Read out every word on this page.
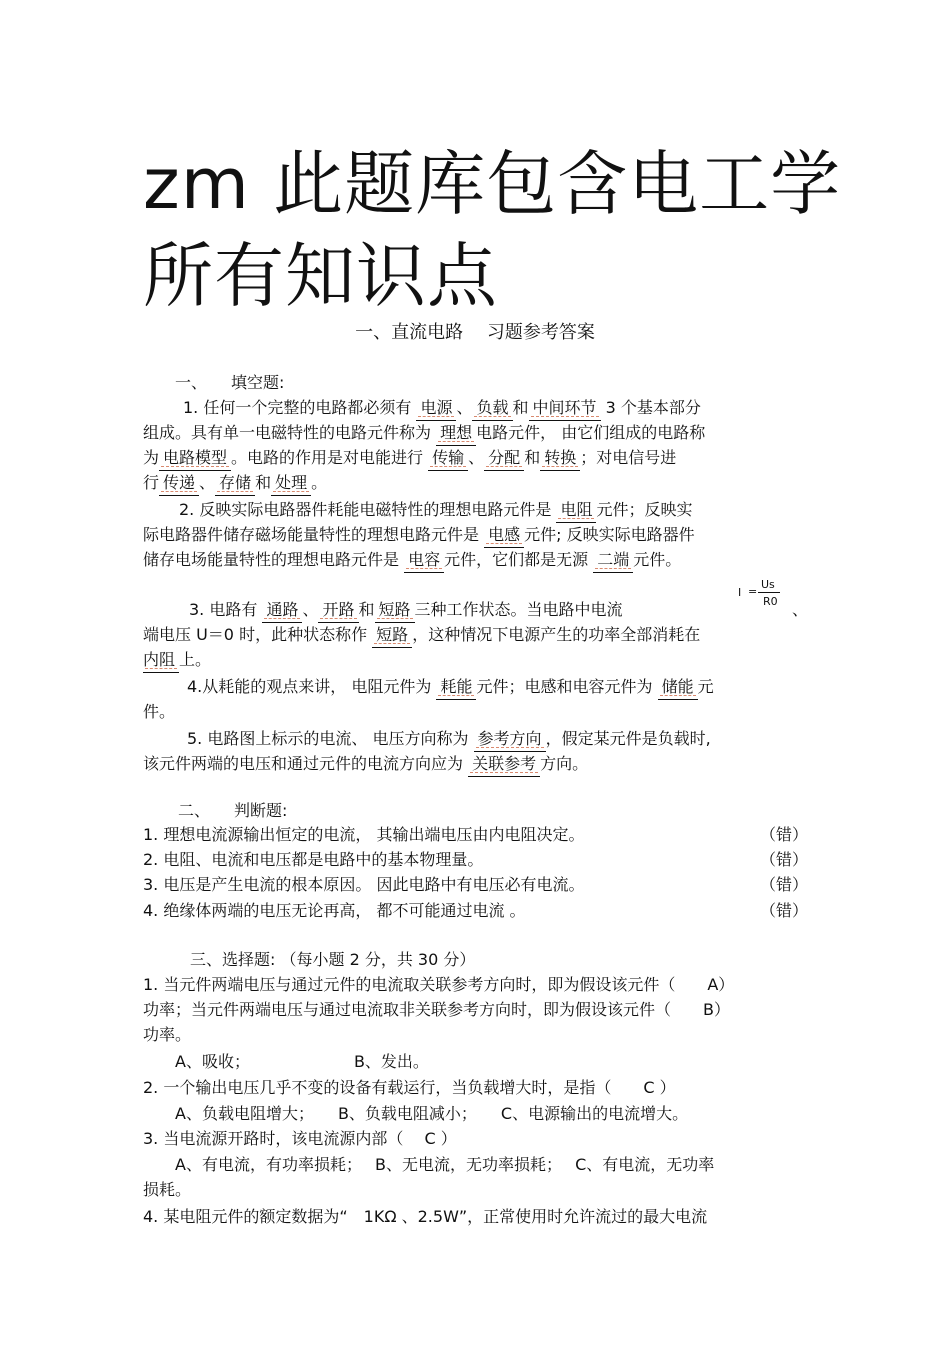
zm 此题库包含电工学所有知识点
一、直流电路　 习题参考答案
一、　　填空题:
1. 任何一个完整的电路都必须有 电源 、 负载 和 中间环节 3 个基本部分
组成。具有单一电磁特性的电路元件称为 理想 电路元件， 由它们组成的电路称
为 电路模型 。电路的作用是对电能进行 传输 、 分配 和 转换 ；对电信号进
行 传递 、 存储 和 处理 。
2. 反映实际电路器件耗能电磁特性的理想电路元件是 电阻 元件；反映实
际电路器件储存磁场能量特性的理想电路元件是 电感 元件; 反映实际电路器件
储存电场能量特性的理想电路元件是 电容 元件，它们都是无源 二端 元件。
I =
Us
R0
3. 电路有 通路 、 开路 和 短路 三种工作状态。当电路中电流	、
端电压 U＝0 时，此种状态称作 短路 ，这种情况下电源产生的功率全部消耗在
内阻 上。
4.从耗能的观点来讲， 电阻元件为 耗能 元件；电感和电容元件为 储能 元
件。
5. 电路图上标示的电流、 电压方向称为 参考方向 ，假定某元件是负载时,
该元件两端的电压和通过元件的电流方向应为 关联参考 方向。
二、　　判断题:
1. 理想电流源输出恒定的电流， 其输出端电压由内电阻决定。	（错）
2. 电阻、电流和电压都是电路中的基本物理量。	（错）
3. 电压是产生电流的根本原因。 因此电路中有电压必有电流。	（错）
4. 绝缘体两端的电压无论再高， 都不可能通过电流 。	（错）
三、选择题: （每小题 2 分，共 30 分）
1. 当元件两端电压与通过元件的电流取关联参考方向时，即为假设该元件（　　A）
功率；当元件两端电压与通过电流取非关联参考方向时，即为假设该元件（　　B）
功率。
　　A、吸收；　　　　　　　B、发出。
2. 一个输出电压几乎不变的设备有载运行，当负载增大时，是指（　　C ）
　　A、负载电阻增大；　　B、负载电阻减小；　　C、电源输出的电流增大。
3. 当电流源开路时，该电流源内部（　 C ）
　　A、有电流，有功率损耗；　 B、无电流，无功率损耗；　 C、有电流，无功率
损耗。
4. 某电阻元件的额定数据为“　1KΩ 、2.5W”，正常使用时允许流过的最大电流
